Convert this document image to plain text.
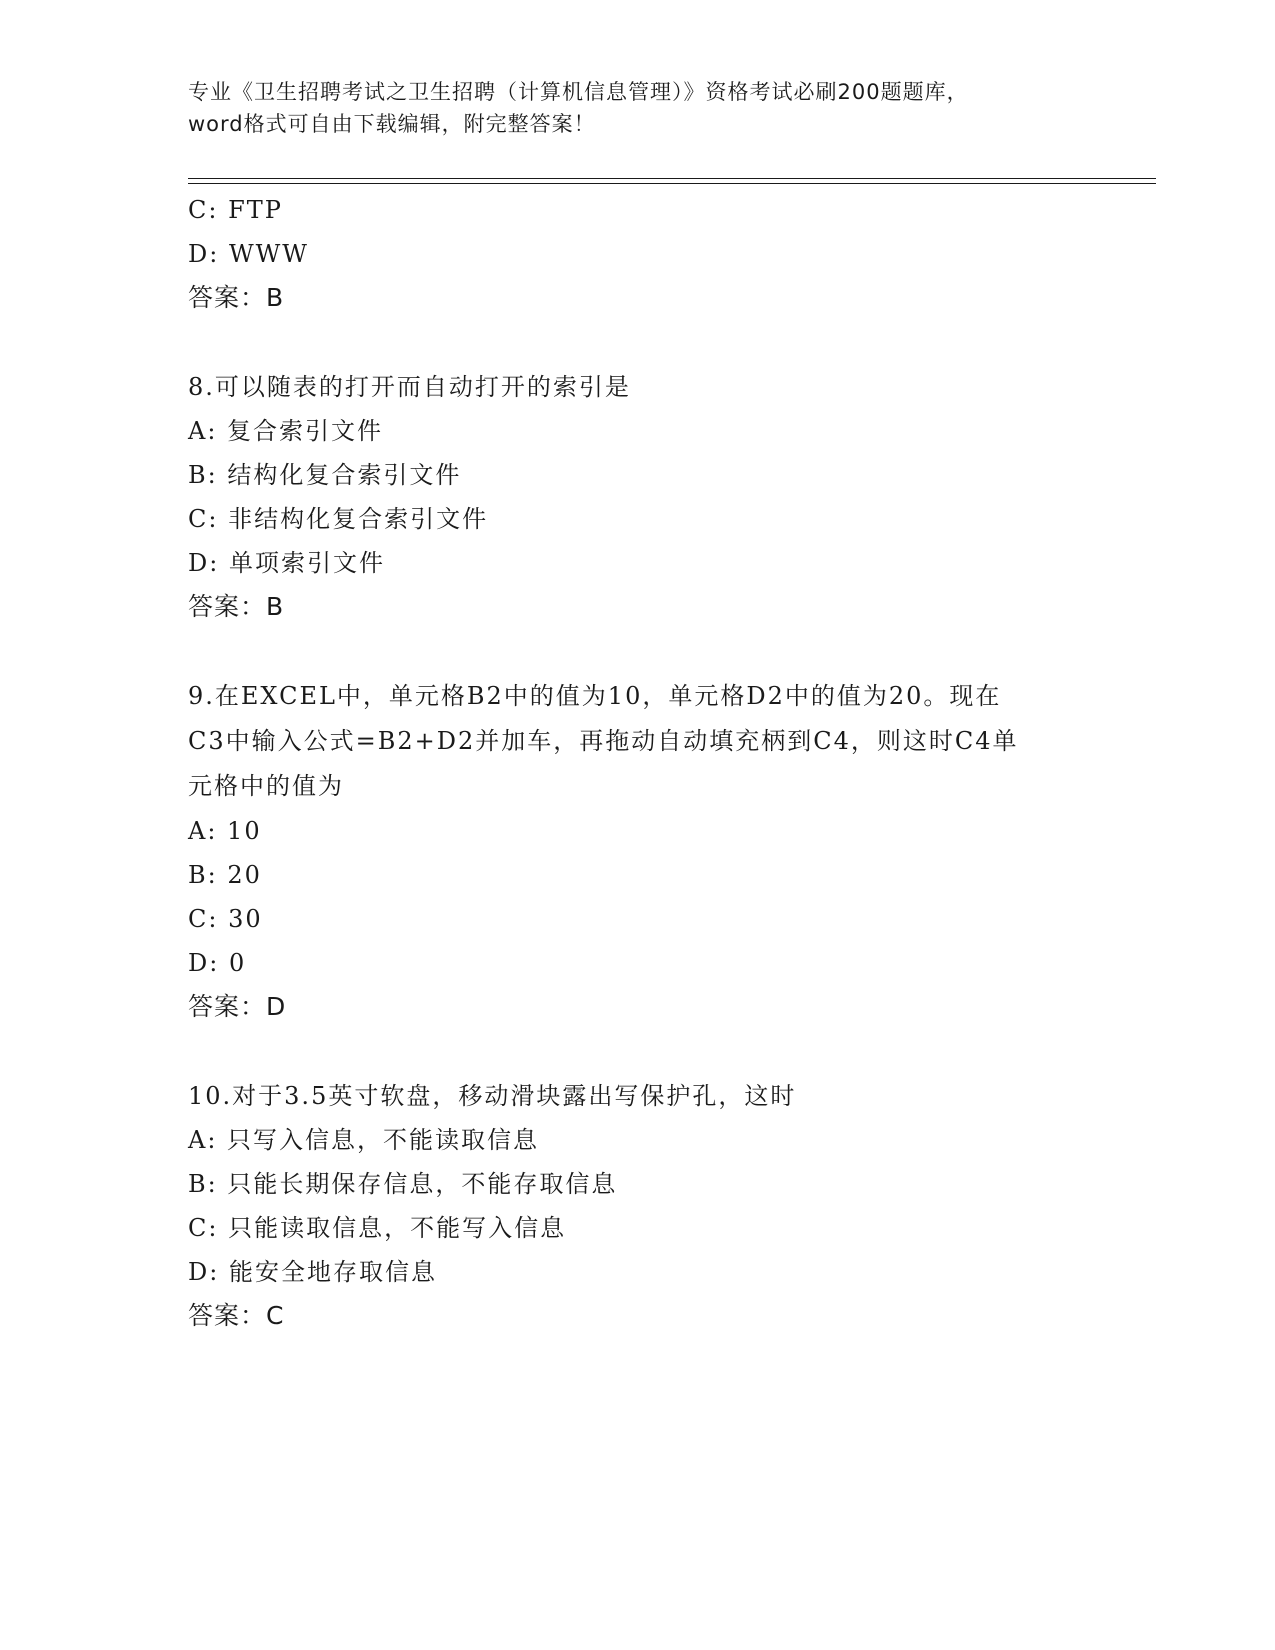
专业《卫生招聘考试之卫生招聘（计算机信息管理）》资格考试必刷200题题库，
word格式可自由下载编辑，附完整答案！
C: FTP
D: WWW
答案：B
8.可以随表的打开而自动打开的索引是
A: 复合索引文件
B: 结构化复合索引文件
C: 非结构化复合索引文件
D: 单项索引文件
答案：B
9.在EXCEL中，单元格B2中的值为10，单元格D2中的值为20。现在
C3中输入公式=B2+D2并加车，再拖动自动填充柄到C4，则这时C4单
元格中的值为
A: 10
B: 20
C: 30
D: 0
答案：D
10.对于3.5英寸软盘，移动滑块露出写保护孔，这时
A: 只写入信息，不能读取信息
B: 只能长期保存信息，不能存取信息
C: 只能读取信息，不能写入信息
D: 能安全地存取信息
答案：C
